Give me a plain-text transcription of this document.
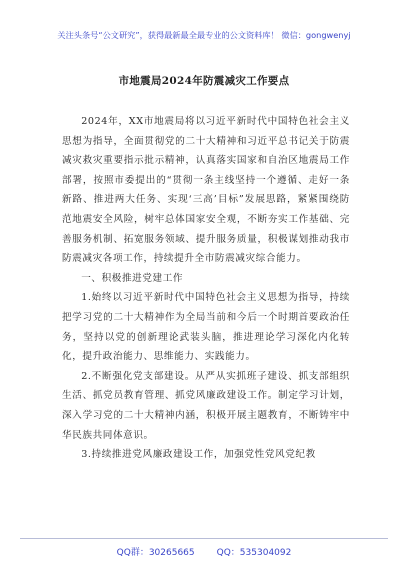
关注头条号“公文研究”，获得最新最全最专业的公文资料库！ 微信：gongwenyj
市地震局2024年防震减灾工作要点

2024年，XX市地震局将以习近平新时代中国特色社会主义思想为指导，全面贯彻党的二十大精神和习近平总书记关于防震减灾救灾重要指示批示精神，认真落实国家和自治区地震局工作部署，按照市委提出的“贯彻一条主线坚持一个遵循、走好一条新路、推进两大任务、实现‘三高’目标”发展思路，紧紧围绕防范地震安全风险，树牢总体国家安全观，不断夯实工作基础、完善服务机制、拓宽服务领域、提升服务质量，积极谋划推动我市防震减灾各项工作，持续提升全市防震减灾综合能力。

一、积极推进党建工作

1.始终以习近平新时代中国特色社会主义思想为指导，持续把学习党的二十大精神作为全局当前和今后一个时期首要政治任务，坚持以党的创新理论武装头脑，推进理论学习深化内化转化，提升政治能力、思维能力、实践能力。

2.不断强化党支部建设。从严从实抓班子建设、抓支部组织生活、抓党员教育管理、抓党风廉政建设工作。制定学习计划，深入学习党的二十大精神内涵，积极开展主题教育，不断铸牢中华民族共同体意识。

3.持续推进党风廉政建设工作，加强党性党风党纪教

QQ群：30265665 QQ：535304092
